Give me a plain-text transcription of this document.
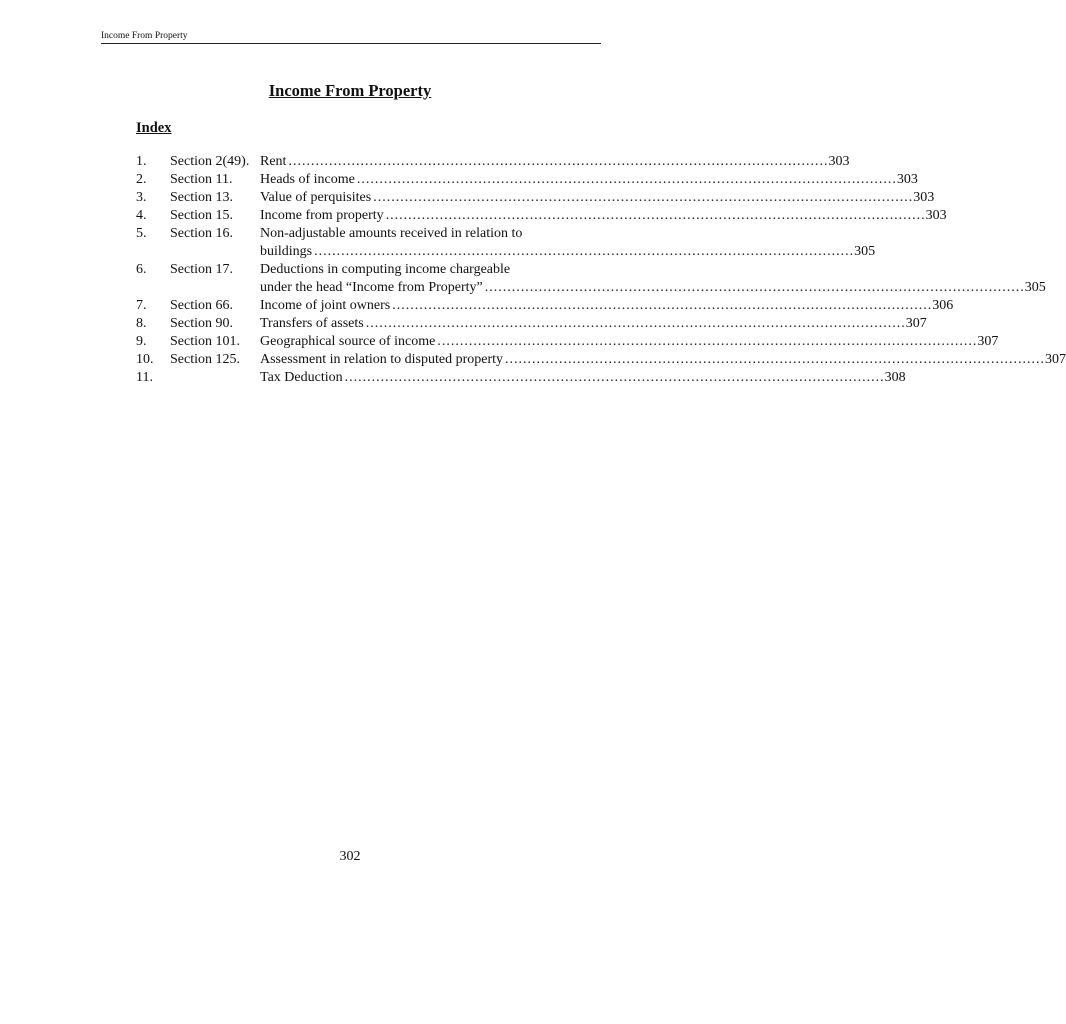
Income From Property
Income From Property
Index
1. Section 2(49). Rent ........................................................................................................................ 303
2. Section 11. Heads of income ........................................................................................................................ 303
3. Section 13. Value of perquisites ........................................................................................................................ 303
4. Section 15. Income from property ........................................................................................................................ 303
5. Section 16. Non-adjustable amounts received in relation to
buildings ........................................................................................................................ 305
6. Section 17. Deductions in computing income chargeable
under the head “Income from Property” ........................................................................................................................ 305
7. Section 66. Income of joint owners ........................................................................................................................ 306
8. Section 90. Transfers of assets ........................................................................................................................ 307
9. Section 101. Geographical source of income ........................................................................................................................ 307
10. Section 125. Assessment in relation to disputed property ........................................................................................................................ 307
11.	Tax Deduction ........................................................................................................................ 308
302
